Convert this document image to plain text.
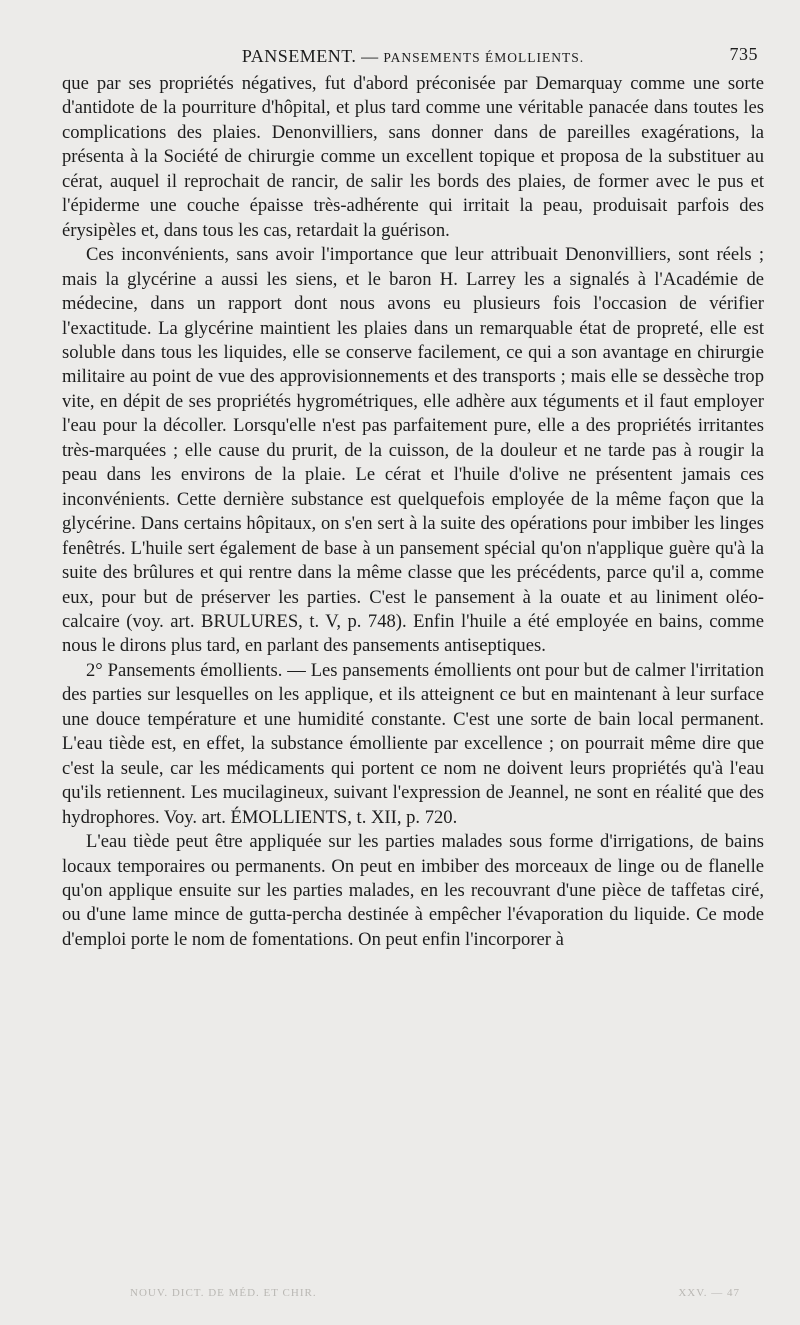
PANSEMENT. — PANSEMENTS ÉMOLLIENTS.	735

que par ses propriétés négatives, fut d'abord préconisée par Demarquay comme une sorte d'antidote de la pourriture d'hôpital, et plus tard comme une véritable panacée dans toutes les complications des plaies. Denonvilliers, sans donner dans de pareilles exagérations, la présenta à la Société de chirurgie comme un excellent topique et proposa de la substituer au cérat, auquel il reprochait de rancir, de salir les bords des plaies, de former avec le pus et l'épiderme une couche épaisse très-adhérente qui irritait la peau, produisait parfois des érysipèles et, dans tous les cas, retardait la guérison.

Ces inconvénients, sans avoir l'importance que leur attribuait Denonvilliers, sont réels ; mais la glycérine a aussi les siens, et le baron H. Larrey les a signalés à l'Académie de médecine, dans un rapport dont nous avons eu plusieurs fois l'occasion de vérifier l'exactitude. La glycérine maintient les plaies dans un remarquable état de propreté, elle est soluble dans tous les liquides, elle se conserve facilement, ce qui a son avantage en chirurgie militaire au point de vue des approvisionnements et des transports ; mais elle se dessèche trop vite, en dépit de ses propriétés hygrométriques, elle adhère aux téguments et il faut employer l'eau pour la décoller. Lorsqu'elle n'est pas parfaitement pure, elle a des propriétés irritantes très-marquées ; elle cause du prurit, de la cuisson, de la douleur et ne tarde pas à rougir la peau dans les environs de la plaie. Le cérat et l'huile d'olive ne présentent jamais ces inconvénients. Cette dernière substance est quelquefois employée de la même façon que la glycérine. Dans certains hôpitaux, on s'en sert à la suite des opérations pour imbiber les linges fenêtrés. L'huile sert également de base à un pansement spécial qu'on n'applique guère qu'à la suite des brûlures et qui rentre dans la même classe que les précédents, parce qu'il a, comme eux, pour but de préserver les parties. C'est le pansement à la ouate et au liniment oléo-calcaire (voy. art. BRULURES, t. V, p. 748). Enfin l'huile a été employée en bains, comme nous le dirons plus tard, en parlant des pansements antiseptiques.

2° Pansements émollients. — Les pansements émollients ont pour but de calmer l'irritation des parties sur lesquelles on les applique, et ils atteignent ce but en maintenant à leur surface une douce température et une humidité constante. C'est une sorte de bain local permanent. L'eau tiède est, en effet, la substance émolliente par excellence ; on pourrait même dire que c'est la seule, car les médicaments qui portent ce nom ne doivent leurs propriétés qu'à l'eau qu'ils retiennent. Les mucilagineux, suivant l'expression de Jeannel, ne sont en réalité que des hydrophores. Voy. art. ÉMOLLIENTS, t. XII, p. 720.

L'eau tiède peut être appliquée sur les parties malades sous forme d'irrigations, de bains locaux temporaires ou permanents. On peut en imbiber des morceaux de linge ou de flanelle qu'on applique ensuite sur les parties malades, en les recouvrant d'une pièce de taffetas ciré, ou d'une lame mince de gutta-percha destinée à empêcher l'évaporation du liquide. Ce mode d'emploi porte le nom de fomentations. On peut enfin l'incorporer à

NOUV. DICT. DE MÉD. ET CHIR.	XXV. — 47
